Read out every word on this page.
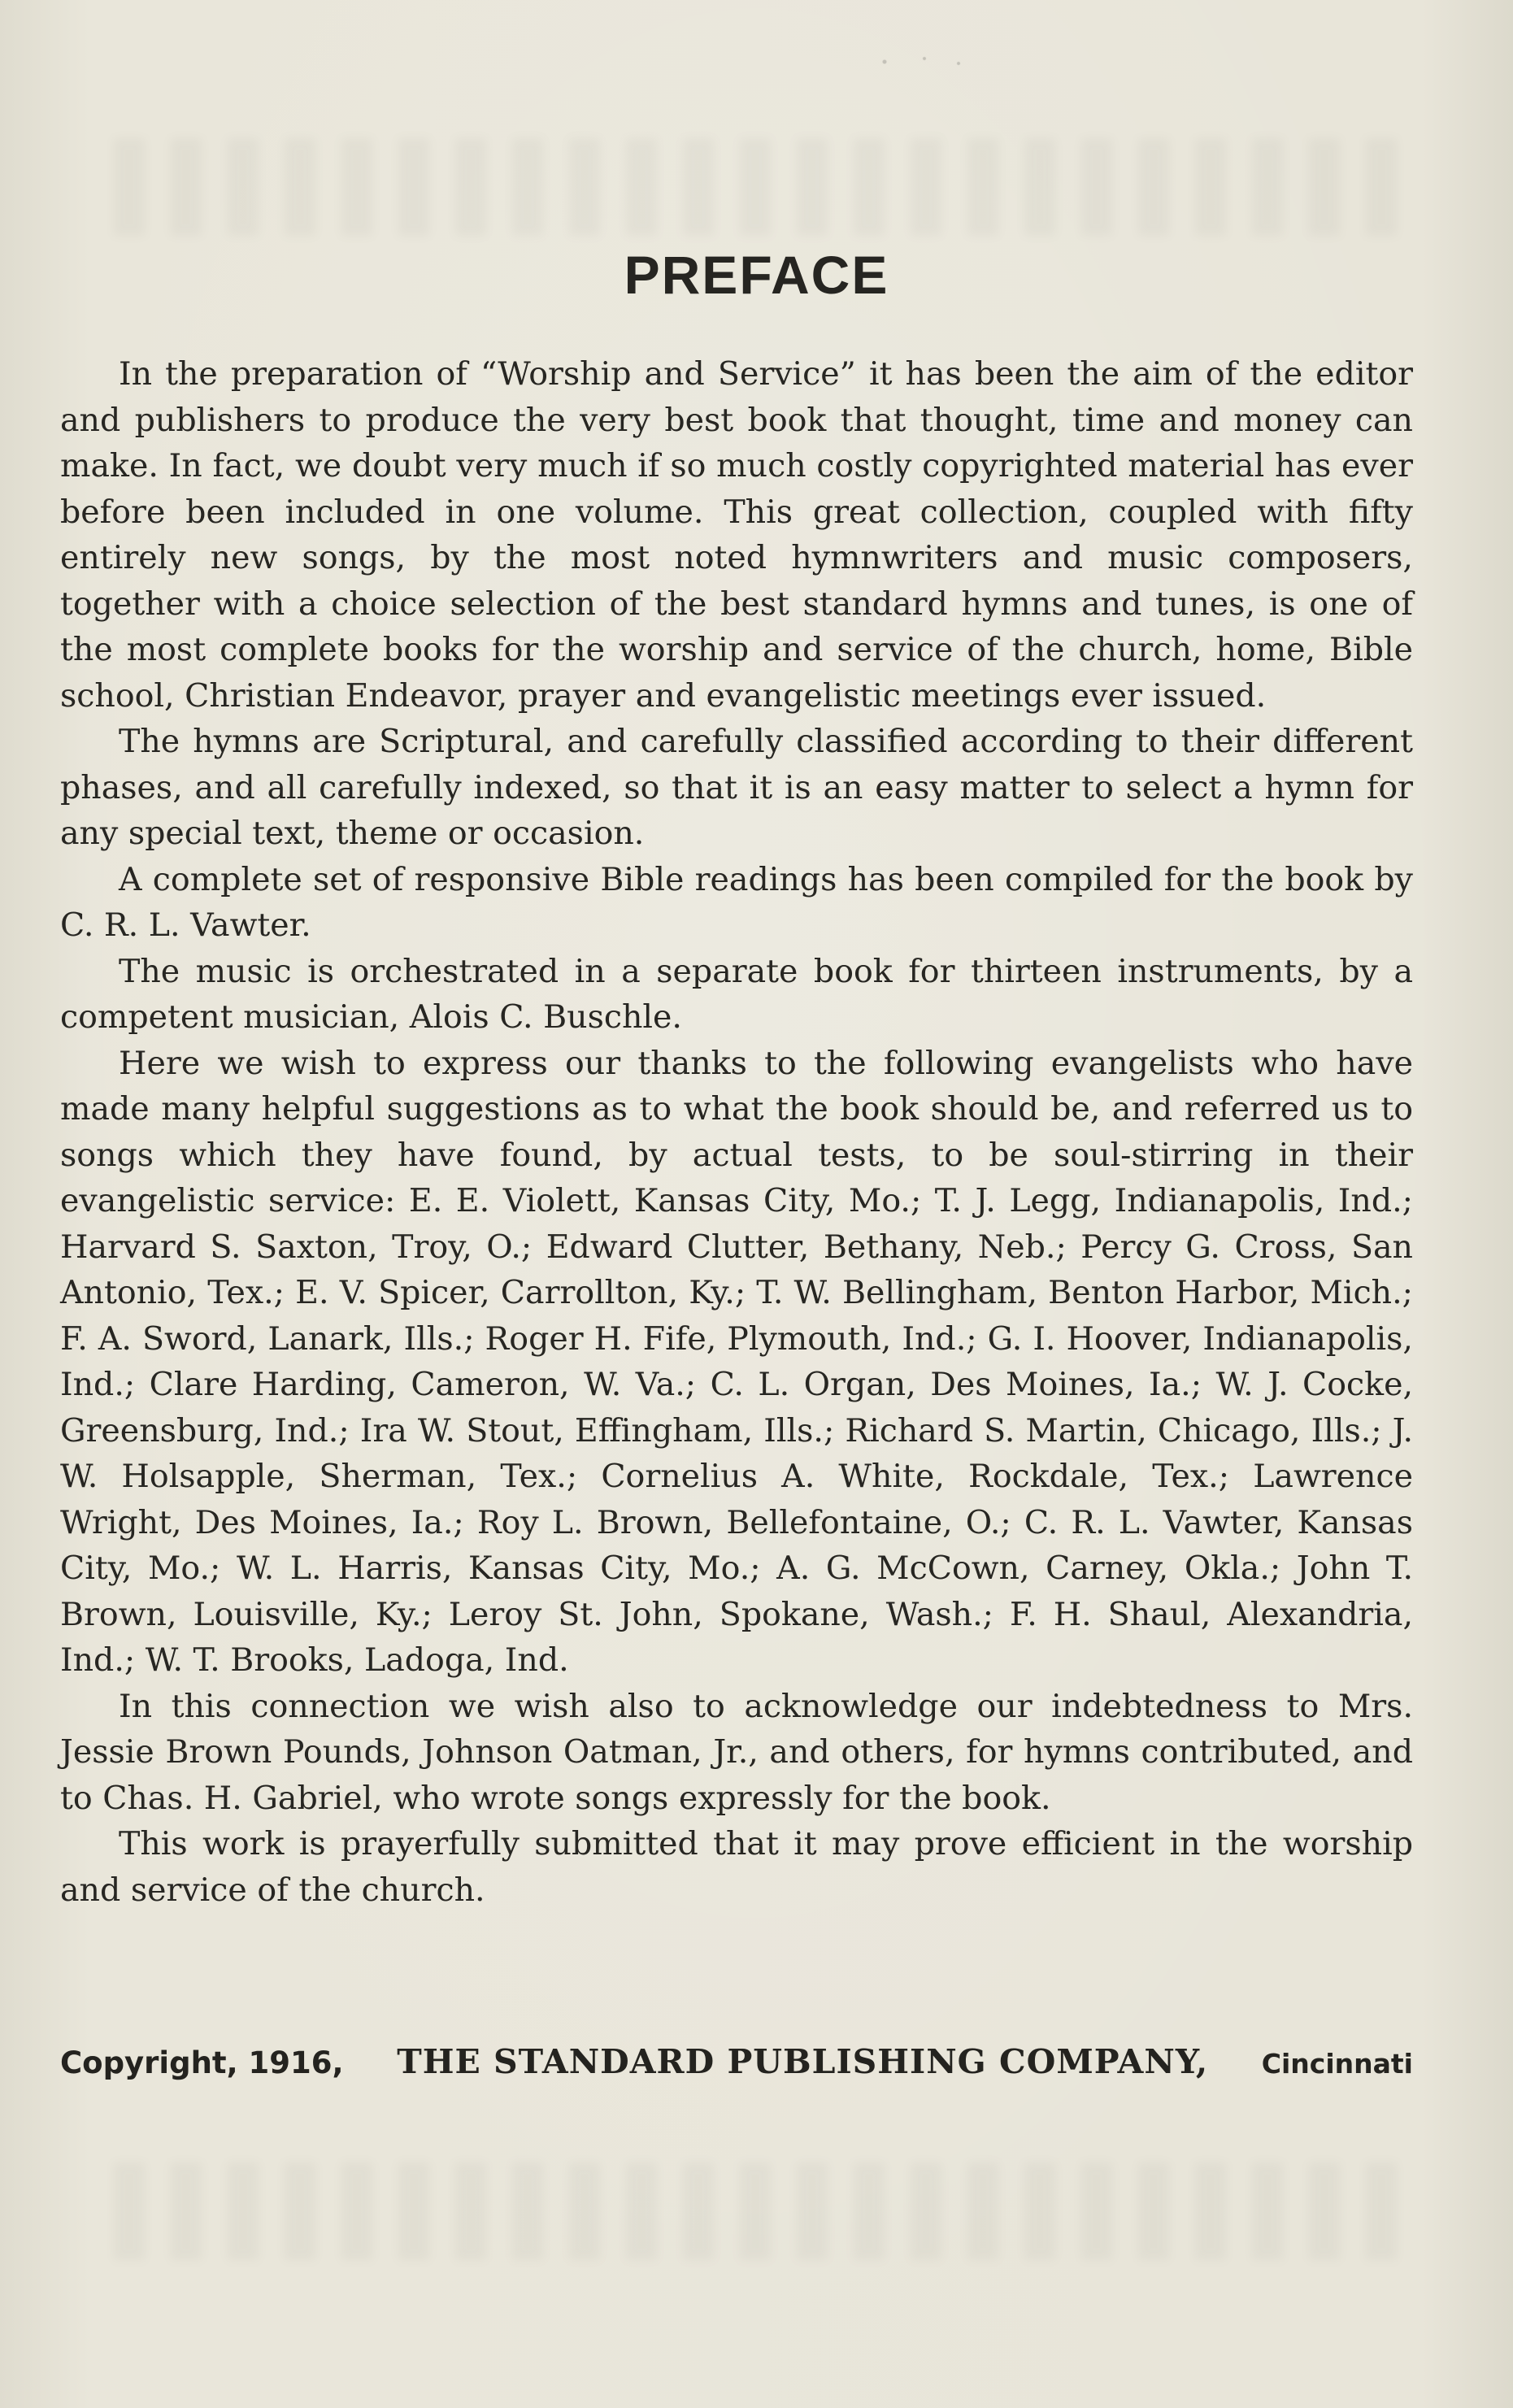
PREFACE

In the preparation of “Worship and Service” it has been the aim of the editor and publishers to produce the very best book that thought, time and money can make. In fact, we doubt very much if so much costly copyrighted material has ever before been included in one volume. This great collection, coupled with fifty entirely new songs, by the most noted hymnwriters and music composers, together with a choice selection of the best standard hymns and tunes, is one of the most complete books for the worship and service of the church, home, Bible school, Christian Endeavor, prayer and evangelistic meetings ever issued.

The hymns are Scriptural, and carefully classified according to their different phases, and all carefully indexed, so that it is an easy matter to select a hymn for any special text, theme or occasion.

A complete set of responsive Bible readings has been compiled for the book by C. R. L. Vawter.

The music is orchestrated in a separate book for thirteen instruments, by a competent musician, Alois C. Buschle.

Here we wish to express our thanks to the following evangelists who have made many helpful suggestions as to what the book should be, and referred us to songs which they have found, by actual tests, to be soul-stirring in their evangelistic service: E. E. Violett, Kansas City, Mo.; T. J. Legg, Indianapolis, Ind.; Harvard S. Saxton, Troy, O.; Edward Clutter, Bethany, Neb.; Percy G. Cross, San Antonio, Tex.; E. V. Spicer, Carrollton, Ky.; T. W. Bellingham, Benton Harbor, Mich.; F. A. Sword, Lanark, Ills.; Roger H. Fife, Plymouth, Ind.; G. I. Hoover, Indianapolis, Ind.; Clare Harding, Cameron, W. Va.; C. L. Organ, Des Moines, Ia.; W. J. Cocke, Greensburg, Ind.; Ira W. Stout, Effingham, Ills.; Richard S. Martin, Chicago, Ills.; J. W. Holsapple, Sherman, Tex.; Cornelius A. White, Rockdale, Tex.; Lawrence Wright, Des Moines, Ia.; Roy L. Brown, Bellefontaine, O.; C. R. L. Vawter, Kansas City, Mo.; W. L. Harris, Kansas City, Mo.; A. G. McCown, Carney, Okla.; John T. Brown, Louisville, Ky.; Leroy St. John, Spokane, Wash.; F. H. Shaul, Alexandria, Ind.; W. T. Brooks, Ladoga, Ind.

In this connection we wish also to acknowledge our indebtedness to Mrs. Jessie Brown Pounds, Johnson Oatman, Jr., and others, for hymns contributed, and to Chas. H. Gabriel, who wrote songs expressly for the book.

This work is prayerfully submitted that it may prove efficient in the worship and service of the church.

Copyright, 1916, THE STANDARD PUBLISHING COMPANY, Cincinnati
